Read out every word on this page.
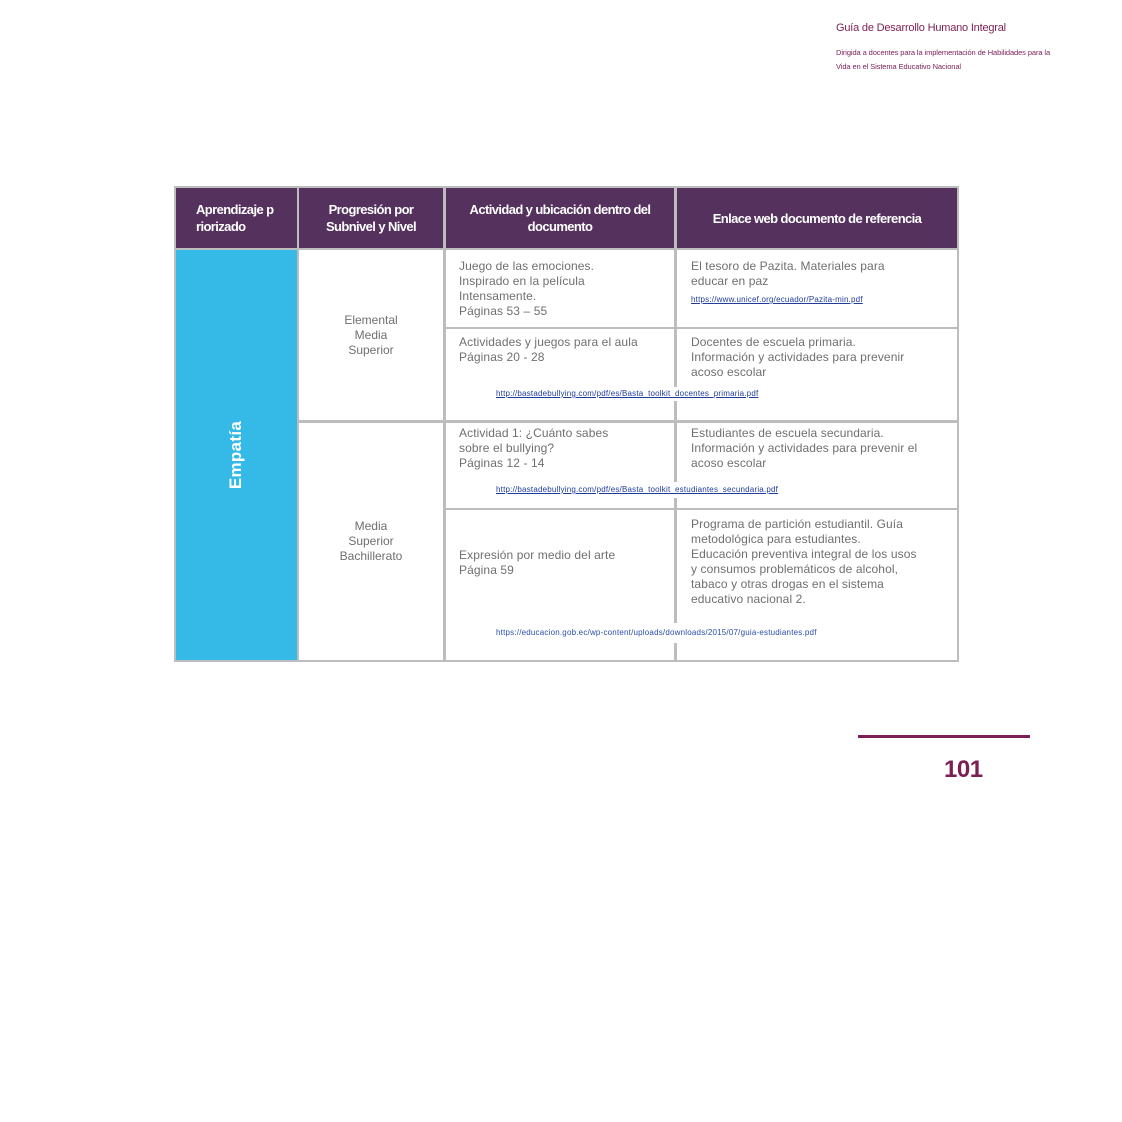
Guía de Desarrollo Humano Integral
Dirigida a docentes para la implementación de Habilidades para la
Vida en el Sistema Educativo Nacional
Aprendizaje priorizado
Progresión por Subnivel y Nivel
Actividad y ubicación dentro del documento
Enlace web documento de referencia
Empatía
Elemental
Media
Superior
Media
Superior
Bachillerato
Juego de las emociones.
Inspirado en la película
Intensamente.
Páginas 53 – 55
El tesoro de Pazita. Materiales para
educar en paz
https://www.unicef.org/ecuador/Pazita-min.pdf
Actividades y juegos para el aula
Páginas 20 - 28
Docentes de escuela primaria.
Información y actividades para prevenir
acoso escolar
http://bastadebullying.com/pdf/es/Basta_toolkit_docentes_primaria.pdf
Actividad 1: ¿Cuánto sabes
sobre el bullying?
Páginas 12 - 14
Estudiantes de escuela secundaria.
Información y actividades para prevenir el
acoso escolar
http://bastadebullying.com/pdf/es/Basta_toolkit_estudiantes_secundaria.pdf
Expresión por medio del arte
Página 59
Programa de partición estudiantil. Guía
metodológica para estudiantes.
Educación preventiva integral de los usos
y consumos problemáticos de alcohol,
tabaco y otras drogas en el sistema
educativo nacional 2.
https://educacion.gob.ec/wp-content/uploads/downloads/2015/07/guia-estudiantes.pdf
101
